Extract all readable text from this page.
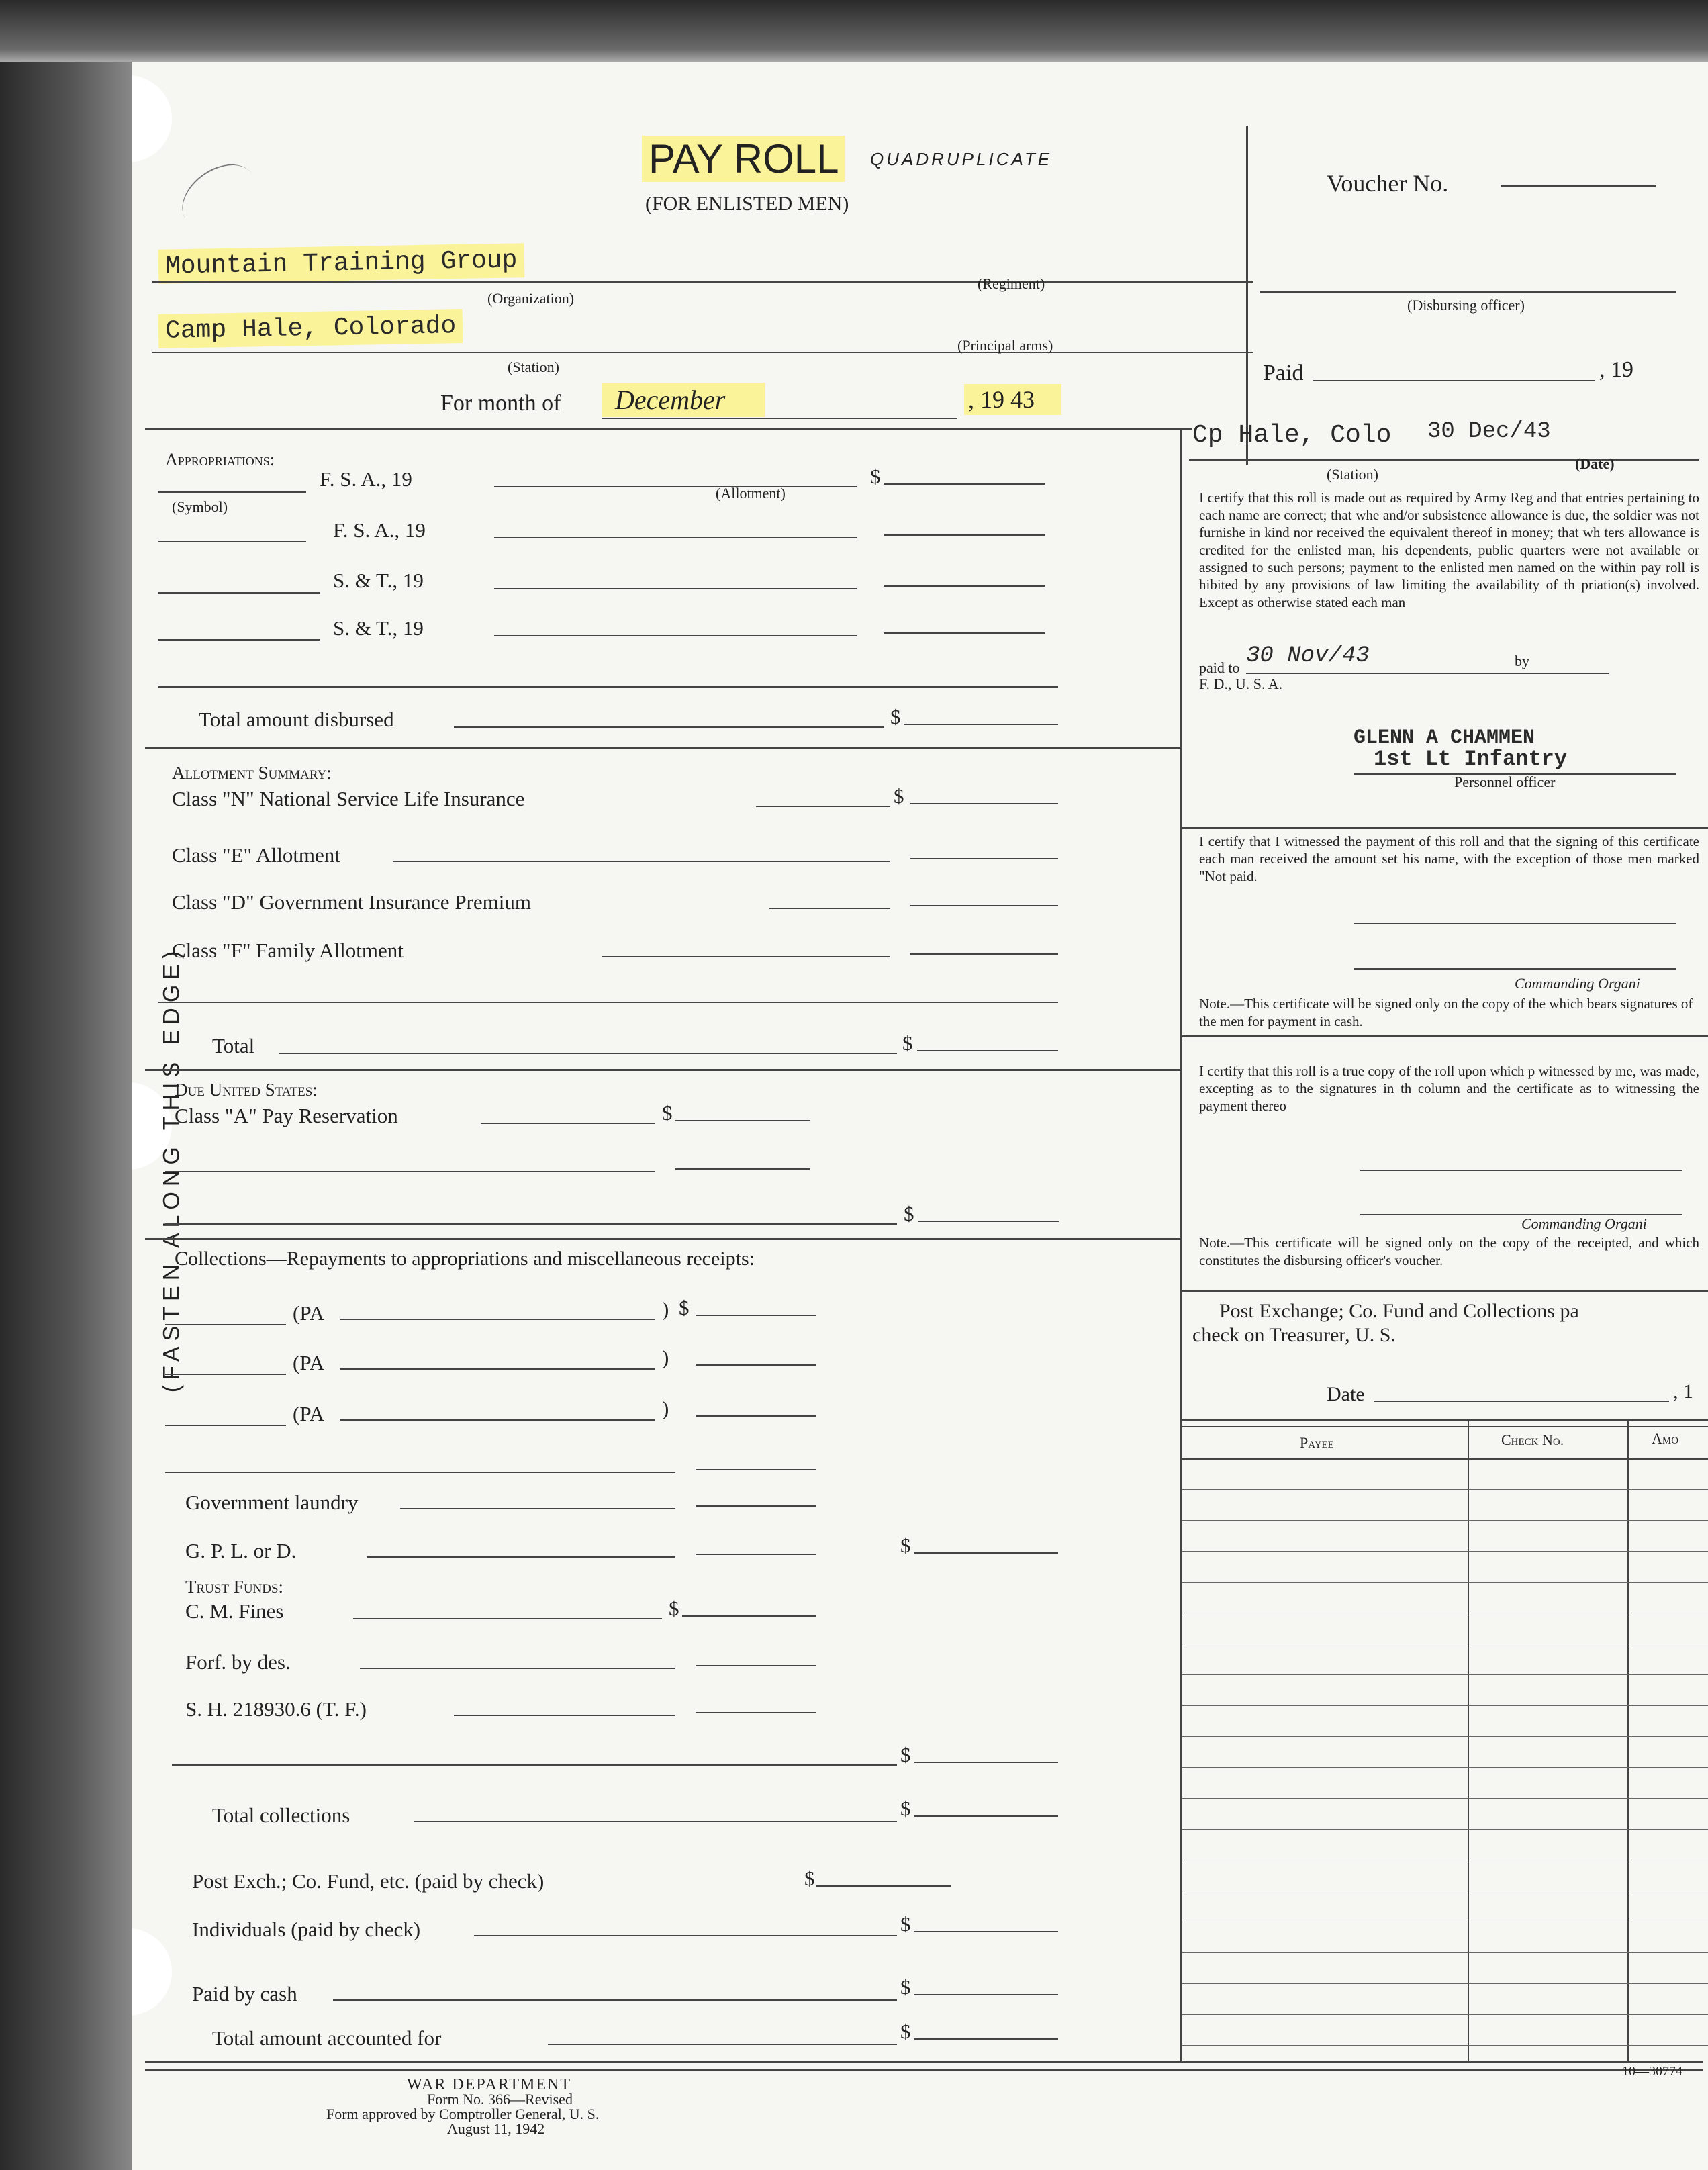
(FASTEN ALONG THIS EDGE)
PAY ROLL	QUADRUPLICATE
(FOR ENLISTED MEN)
Mountain Training Group
(Organization)
(Regiment)
Camp Hale, Colorado
(Station)
(Principal arms)
For month of	December	, 19 43
Voucher No.
(Disbursing officer)
Paid	, 19
Appropriations:
(Symbol)
(Allotment)
F. S. A., 19	$
F. S. A., 19
S. & T., 19
S. & T., 19
Total amount disbursed	$
Allotment Summary:
Class "N" National Service Life Insurance	$
Class "E" Allotment
Class "D" Government Insurance Premium
Class "F" Family Allotment
Total	$
Due United States:
Class "A" Pay Reservation	$
$
Collections—Repayments to appropriations and miscellaneous receipts:
(PA	) $
(PA	)
(PA	)
Government laundry
G. P. L. or D.	$
Trust Funds:
C. M. Fines	$
Forf. by des.
S. H. 218930.6 (T. F.)
$
Total collections	$
Post Exch.; Co. Fund, etc. (paid by check)	$
Individuals (paid by check)	$
Paid by cash	$
Total amount accounted for	$
WAR DEPARTMENT
Form No. 366—Revised
Form approved by Comptroller General, U. S.
August 11, 1942
10—30774
Cp Hale, Colo 30 Dec/43
(Station)
(Date)
I certify that this roll is made out as required by Army Reg and that entries pertaining to each name are correct; that whe and/or subsistence allowance is due, the soldier was not furnishe in kind nor received the equivalent thereof in money; that wh ters allowance is credited for the enlisted man, his dependents, public quarters were not available or assigned to such persons; payment to the enlisted men named on the within pay roll is hibited by any provisions of law limiting the availability of th priation(s) involved. Except as otherwise stated each man
paid to 30 Nov/43	by
F. D., U. S. A.
GLENN A CHAMMEN
1st Lt Infantry
Personnel officer
I certify that I witnessed the payment of this roll and that the signing of this certificate each man received the amount set his name, with the exception of those men marked "Not paid.
Commanding Organi
Note.—This certificate will be signed only on the copy of the which bears signatures of the men for payment in cash.
I certify that this roll is a true copy of the roll upon which p witnessed by me, was made, excepting as to the signatures in th column and the certificate as to witnessing the payment thereo
Commanding Organi
Note.—This certificate will be signed only on the copy of the receipted, and which constitutes the disbursing officer's voucher.
Post Exchange; Co. Fund and Collections pa
check on Treasurer, U. S.
Date	, 1
Payee	Check No.	Amo
